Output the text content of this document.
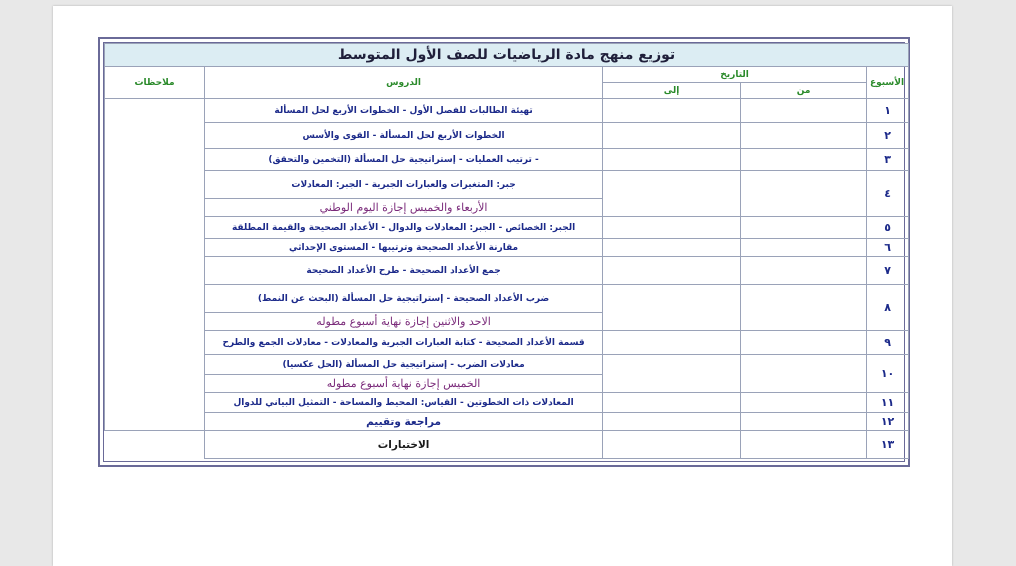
توزيع منهج مادة الرياضيات للصف الأول المتوسط				
الأسبوع	التاريخ		الدروس	ملاحظات
	من	إلى		
١			تهيئة الطالبات للفصل الأول - الخطوات الأربع لحل المسألة	
٢			الخطوات الأربع لحل المسألة - القوى والأسس	
٣			- ترتيب العمليات - إستراتيجية حل المسألة (التخمين والتحقق)	
٤			جبر: المتغيرات والعبارات الجبرية - الجبر: المعادلات	
			الأربعاء والخميس إجازة اليوم الوطني	
٥			الجبر: الخصائص - الجبر: المعادلات والدوال - الأعداد الصحيحة والقيمة المطلقة	
٦			مقارنة الأعداد الصحيحة وترتيبها - المستوى الإحداثي	
٧			جمع الأعداد الصحيحة - طرح الأعداد الصحيحة	
٨			ضرب الأعداد الصحيحة - إستراتيجية حل المسألة (البحث عن النمط)	
			الاحد والاثنين إجازة نهاية أسبوع مطوله	
٩			قسمة الأعداد الصحيحة - كتابة العبارات الجبرية والمعادلات - معادلات الجمع والطرح	
١٠			معادلات الضرب - إستراتيجية حل المسألة (الحل عكسيا)	
			الخميس إجازة نهاية أسبوع مطوله	
١١			المعادلات ذات الخطوتين - القياس: المحيط والمساحة - التمثيل البياني للدوال	
١٢			مراجعة وتقييم	
١٣			الاختبارات	
